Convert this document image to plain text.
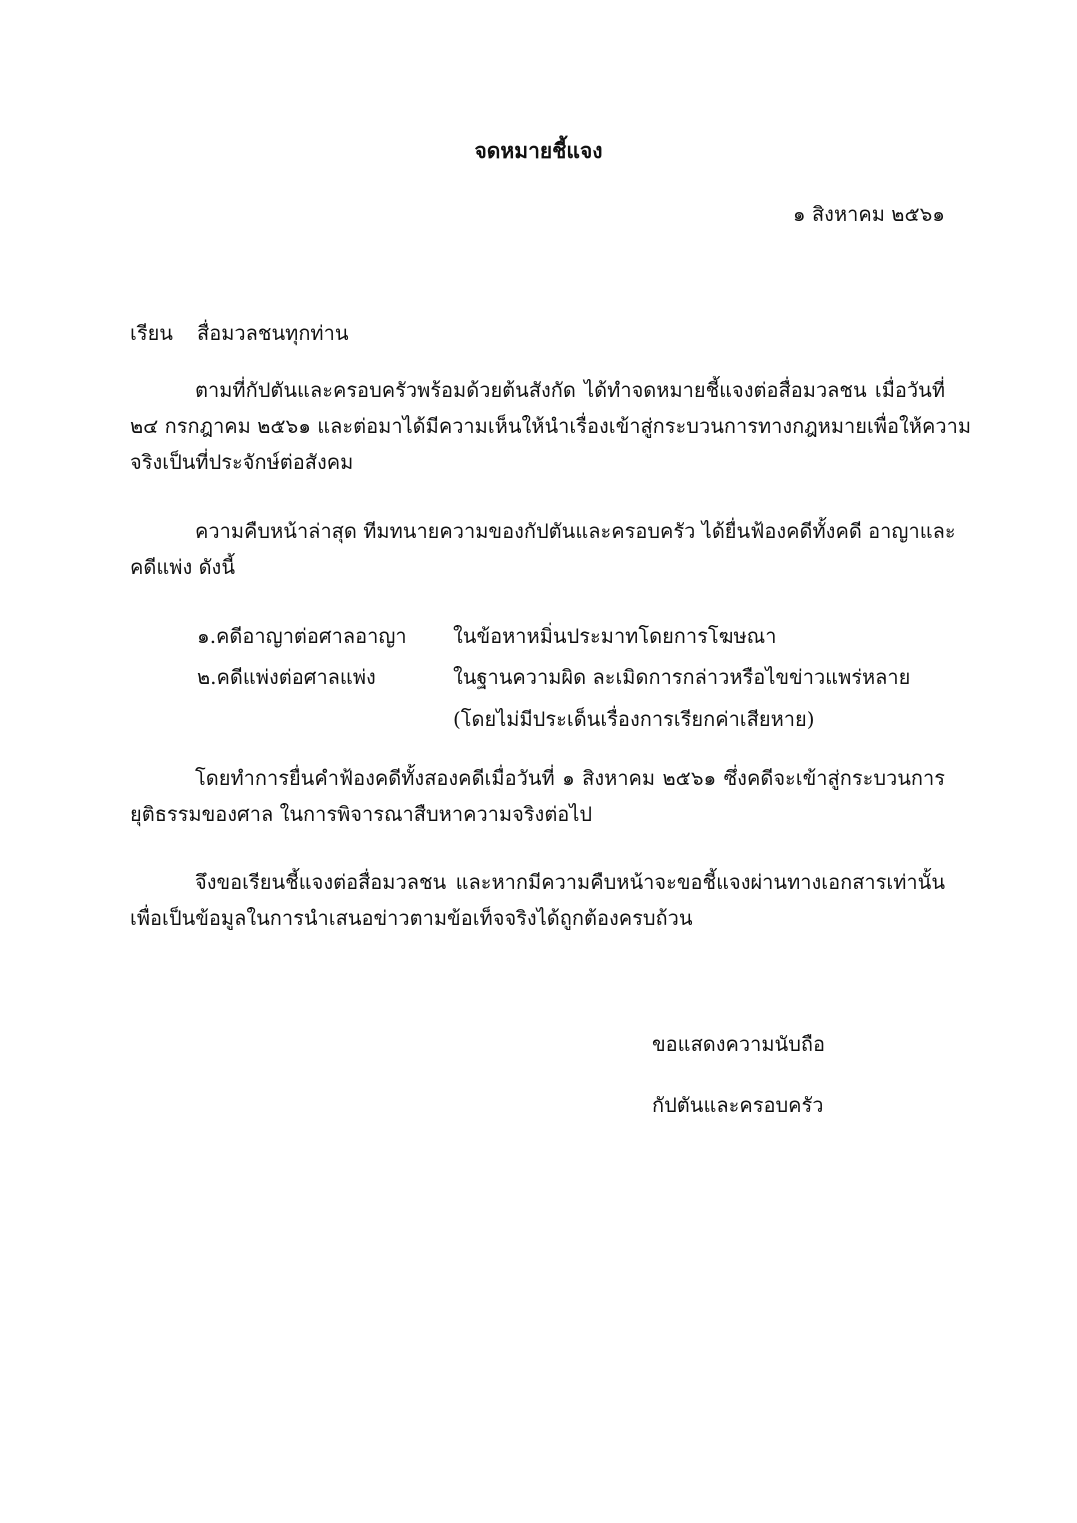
จดหมายชี้แจง
๑ สิงหาคม ๒๕๖๑
เรียน สื่อมวลชนทุกท่าน
ตามที่กัปตันและครอบครัวพร้อมด้วยต้นสังกัด ได้ทำจดหมายชี้แจงต่อสื่อมวลชน เมื่อวันที่
๒๔ กรกฎาคม ๒๕๖๑ และต่อมาได้มีความเห็นให้นำเรื่องเข้าสู่กระบวนการทางกฎหมายเพื่อให้ความ
จริงเป็นที่ประจักษ์ต่อสังคม
ความคืบหน้าล่าสุด ทีมทนายความของกัปตันและครอบครัว ได้ยื่นฟ้องคดีทั้งคดี อาญาและ
คดีแพ่ง ดังนี้
๑.คดีอาญาต่อศาลอาญา ในข้อหาหมิ่นประมาทโดยการโฆษณา
๒.คดีแพ่งต่อศาลแพ่ง	ในฐานความผิด ละเมิดการกล่าวหรือไขข่าวแพร่หลาย
(โดยไม่มีประเด็นเรื่องการเรียกค่าเสียหาย)
โดยทำการยื่นคำฟ้องคดีทั้งสองคดีเมื่อวันที่ ๑ สิงหาคม ๒๕๖๑ ซึ่งคดีจะเข้าสู่กระบวนการ
ยุติธรรมของศาล ในการพิจารณาสืบหาความจริงต่อไป
จึงขอเรียนชี้แจงต่อสื่อมวลชน และหากมีความคืบหน้าจะขอชี้แจงผ่านทางเอกสารเท่านั้น
เพื่อเป็นข้อมูลในการนำเสนอข่าวตามข้อเท็จจริงได้ถูกต้องครบถ้วน
ขอแสดงความนับถือ
กัปตันและครอบครัว
